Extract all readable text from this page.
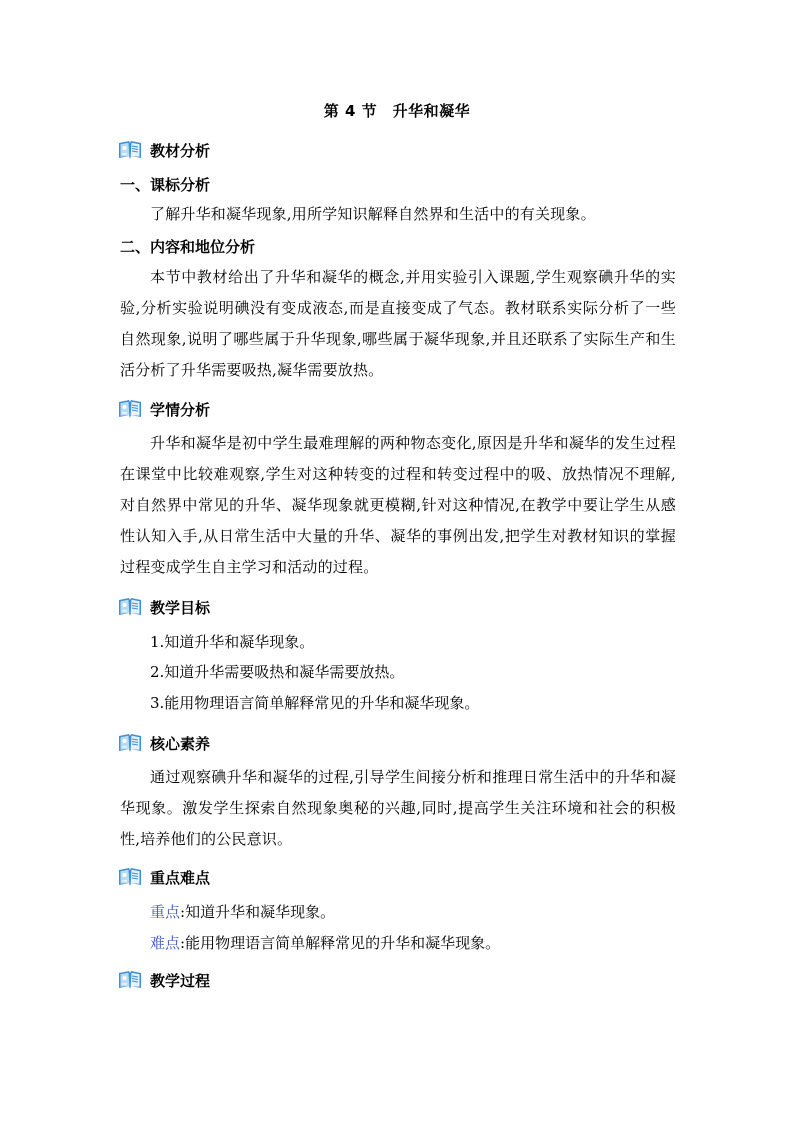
第 4 节　升华和凝华
教材分析
一、课标分析
了解升华和凝华现象,用所学知识解释自然界和生活中的有关现象。
二、内容和地位分析
本节中教材给出了升华和凝华的概念,并用实验引入课题,学生观察碘升华的实验,分析实验说明碘没有变成液态,而是直接变成了气态。教材联系实际分析了一些自然现象,说明了哪些属于升华现象,哪些属于凝华现象,并且还联系了实际生产和生活分析了升华需要吸热,凝华需要放热。
学情分析
升华和凝华是初中学生最难理解的两种物态变化,原因是升华和凝华的发生过程在课堂中比较难观察,学生对这种转变的过程和转变过程中的吸、放热情况不理解,对自然界中常见的升华、凝华现象就更模糊,针对这种情况,在教学中要让学生从感性认知入手,从日常生活中大量的升华、凝华的事例出发,把学生对教材知识的掌握过程变成学生自主学习和活动的过程。
教学目标
1.知道升华和凝华现象。
2.知道升华需要吸热和凝华需要放热。
3.能用物理语言简单解释常见的升华和凝华现象。
核心素养
通过观察碘升华和凝华的过程,引导学生间接分析和推理日常生活中的升华和凝华现象。激发学生探索自然现象奥秘的兴趣,同时,提高学生关注环境和社会的积极性,培养他们的公民意识。
重点难点
重点:知道升华和凝华现象。
难点:能用物理语言简单解释常见的升华和凝华现象。
教学过程
